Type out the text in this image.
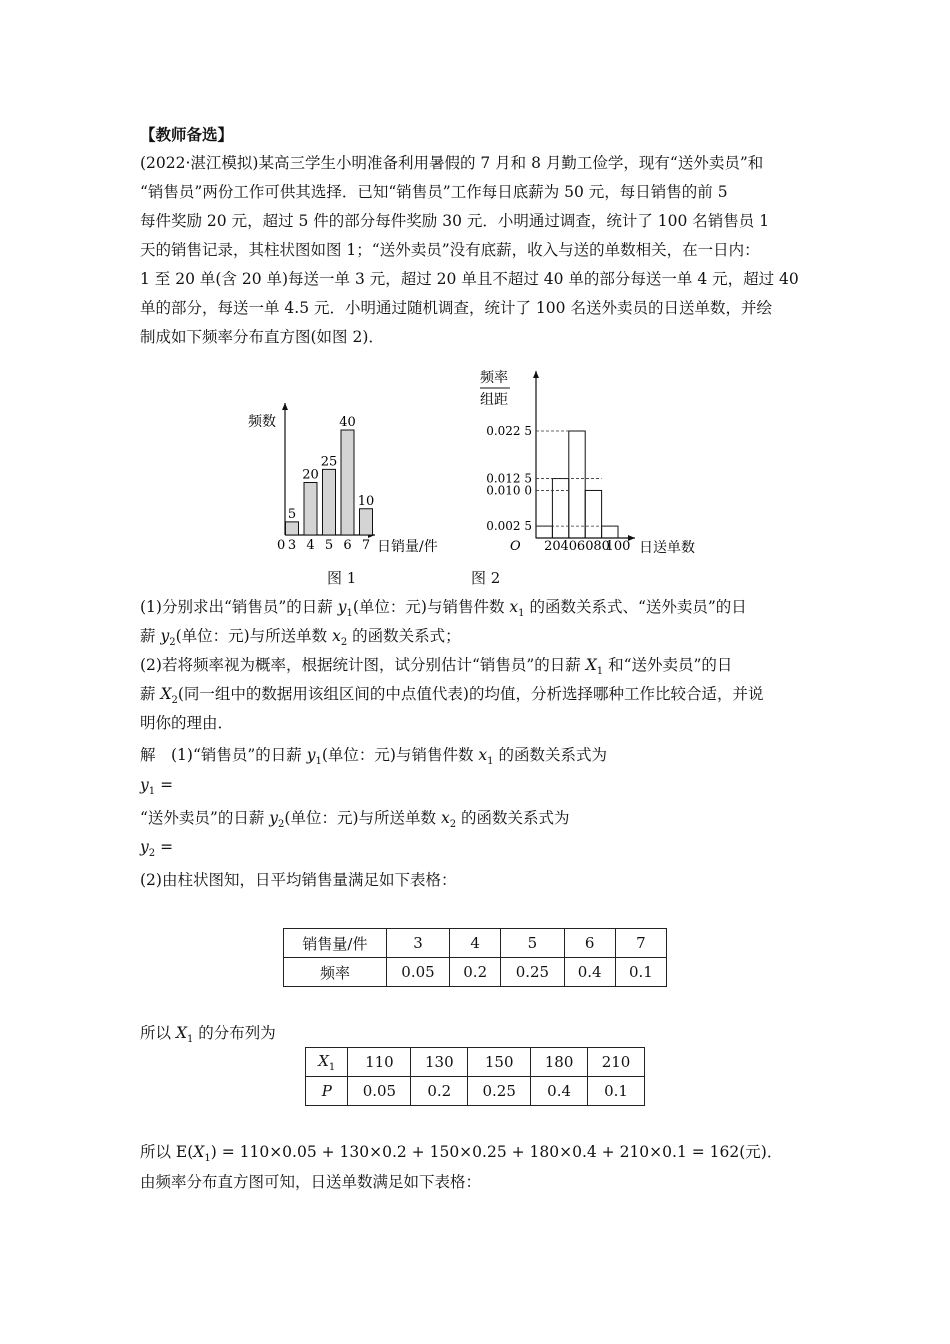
【教师备选】

(2022·湛江模拟)某高三学生小明准备利用暑假的 7 月和 8 月勤工俭学，现有“送外卖员”和
“销售员”两份工作可供其选择．已知“销售员”工作每日底薪为 50 元，每日销售的前 5
每件奖励 20 元，超过 5 件的部分每件奖励 30 元．小明通过调查，统计了 100 名销售员 1
天的销售记录，其柱状图如图 1；“送外卖员”没有底薪，收入与送的单数相关，在一日内：
1 至 20 单(含 20 单)每送一单 3 元，超过 20 单且不超过 40 单的部分每送一单 4 元，超过 40
单的部分，每送一单 4.5 元．小明通过随机调查，统计了 100 名送外卖员的日送单数，并绘
制成如下频率分布直方图(如图 2)．
频数
日销量/件
0
5
3
20
4
25
5
40
6
10
7
频率
组距
日送单数
O
0.022 5
0.012 5
0.010 0
0.002 5
20 40 60 80
100
图 1	图 2
(1)分别求出“销售员”的日薪 $y_1$(单位：元)与销售件数 $x_1$ 的函数关系式、“送外卖员”的日
薪 $y_2$(单位：元)与所送单数 $x_2$ 的函数关系式；
(2)若将频率视为概率，根据统计图，试分别估计“销售员”的日薪 $X_1$ 和“送外卖员”的日
薪 $X_2$(同一组中的数据用该组区间的中点值代表)的均值，分析选择哪种工作比较合适，并说
明你的理由．
解　(1)“销售员”的日薪 $y_1$(单位：元)与销售件数 $x_1$ 的函数关系式为
$y_1$ =
“送外卖员”的日薪 $y_2$(单位：元)与所送单数 $x_2$ 的函数关系式为
$y_2$ =
(2)由柱状图知，日平均销售量满足如下表格：
销售量/件	3	4	5	6	7
频率	0.05	0.2	0.25	0.4	0.1
所以 $X_1$ 的分布列为
$X_1$	110	130	150	180	210
P	0.05	0.2	0.25	0.4	0.1
所以 $E(X_1) = 110\times 0.05 + 130\times 0.2 + 150\times 0.25 + 180\times 0.4 + 210\times 0.1 = 162$(元)．
由频率分布直方图可知，日送单数满足如下表格：
